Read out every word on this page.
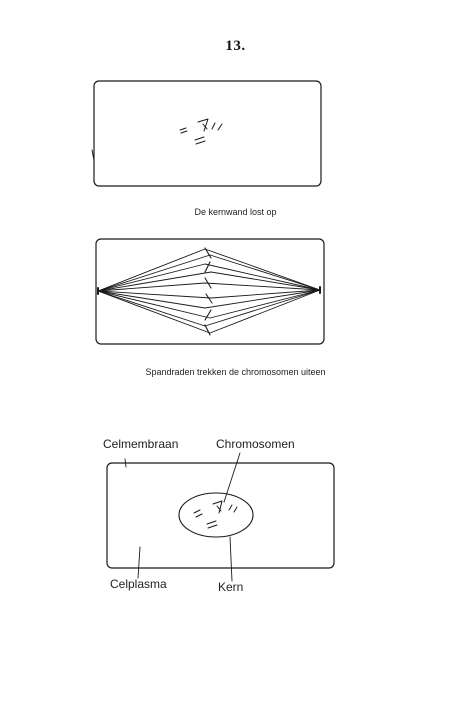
13.
De kernwand lost op
Spandraden trekken de chromosomen uiteen
Celmembraan	Chromosomen
Celplasma	Kern
